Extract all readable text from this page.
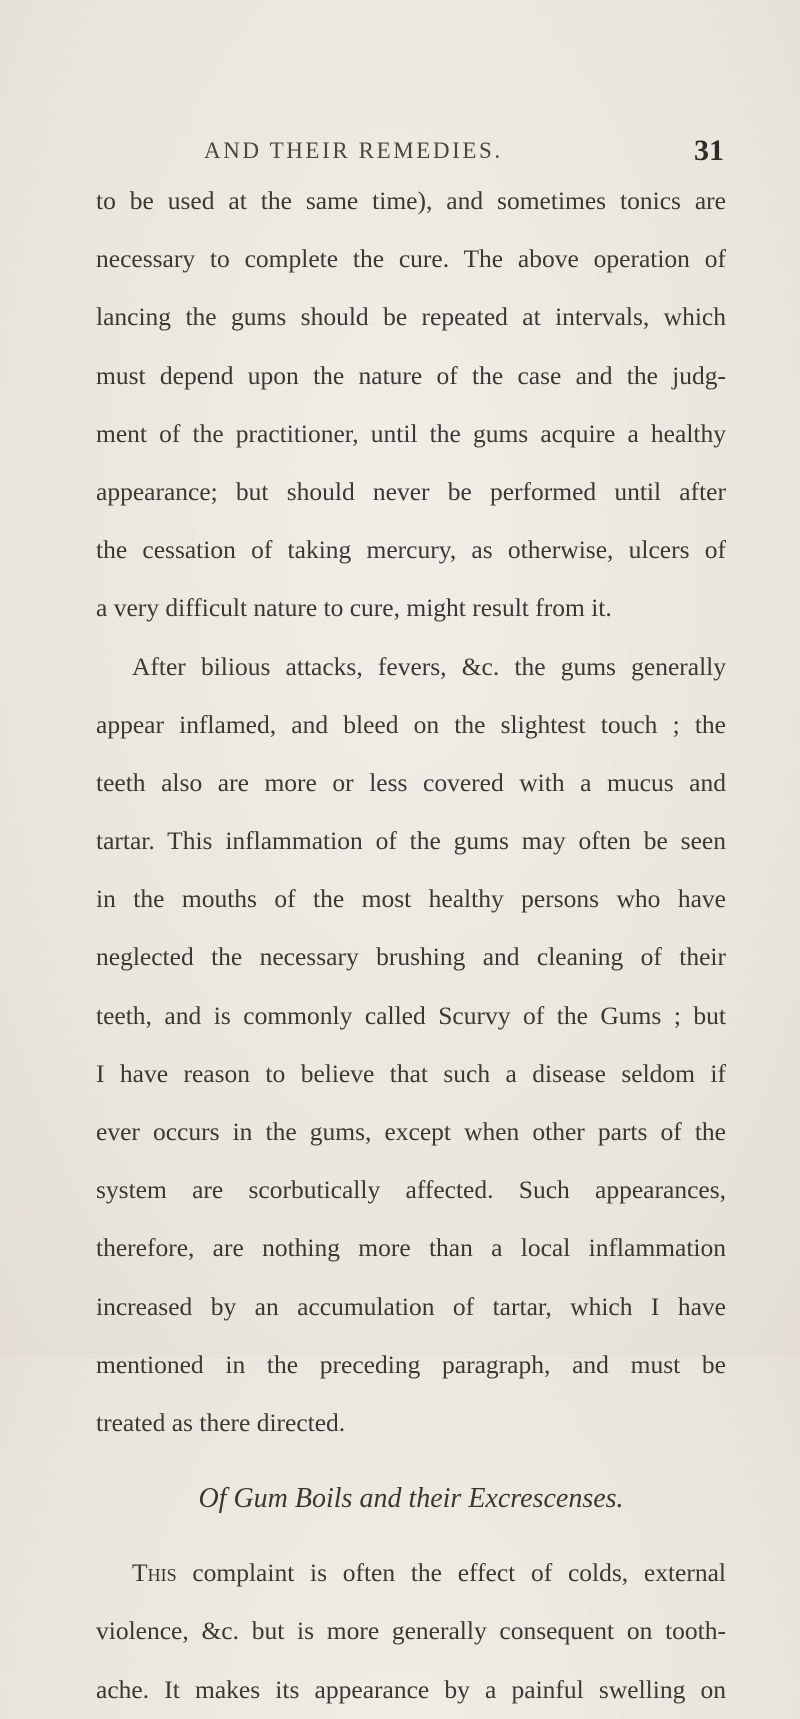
AND THEIR REMEDIES.	31
to be used at the same time), and sometimes tonics are
necessary to complete the cure. The above operation of
lancing the gums should be repeated at intervals, which
must depend upon the nature of the case and the judg-
ment of the practitioner, until the gums acquire a healthy
appearance; but should never be performed until after
the cessation of taking mercury, as otherwise, ulcers of
a very difficult nature to cure, might result from it.
After bilious attacks, fevers, &c. the gums generally
appear inflamed, and bleed on the slightest touch ; the
teeth also are more or less covered with a mucus and
tartar. This inflammation of the gums may often be seen
in the mouths of the most healthy persons who have
neglected the necessary brushing and cleaning of their
teeth, and is commonly called Scurvy of the Gums ; but
I have reason to believe that such a disease seldom if
ever occurs in the gums, except when other parts of the
system are scorbutically affected. Such appearances,
therefore, are nothing more than a local inflammation
increased by an accumulation of tartar, which I have
mentioned in the preceding paragraph, and must be
treated as there directed.
Of Gum Boils and their Excrescenses.
This complaint is often the effect of colds, external
violence, &c. but is more generally consequent on tooth-
ache. It makes its appearance by a painful swelling on
